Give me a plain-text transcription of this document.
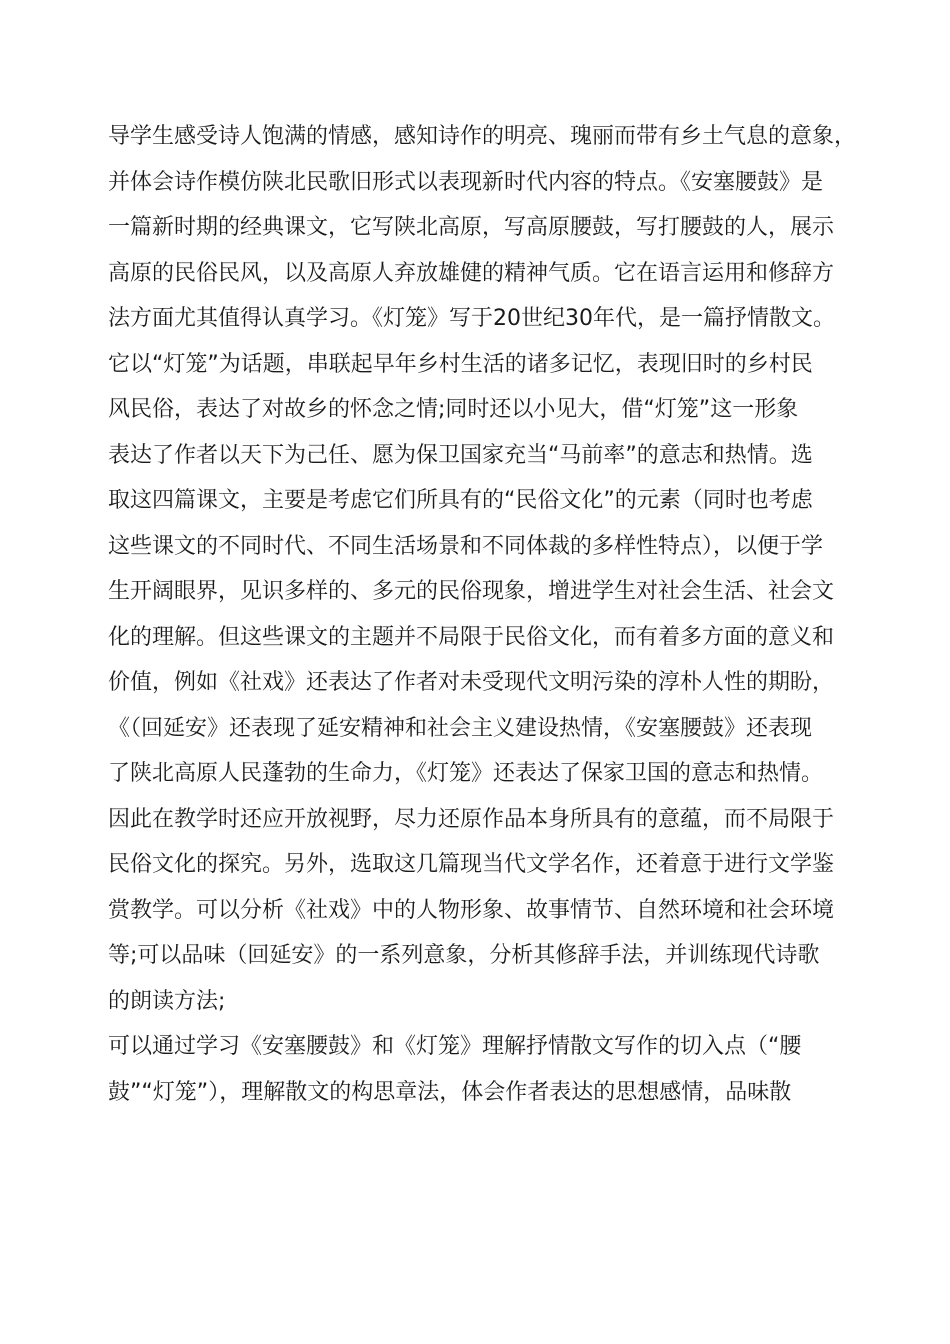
导学生感受诗人饱满的情感，感知诗作的明亮、瑰丽而带有乡土气息的意象，
并体会诗作模仿陕北民歌旧形式以表现新时代内容的特点。《安塞腰鼓》是
一篇新时期的经典课文，它写陕北高原，写高原腰鼓，写打腰鼓的人，展示
高原的民俗民风，以及高原人弃放雄健的精神气质。它在语言运用和修辞方
法方面尤其值得认真学习。《灯笼》写于20世纪30年代，是一篇抒情散文。
它以“灯笼”为话题，串联起早年乡村生活的诸多记忆，表现旧时的乡村民
风民俗，表达了对故乡的怀念之情;同时还以小见大，借“灯笼”这一形象
表达了作者以天下为己任、愿为保卫国家充当“马前率”的意志和热情。选
取这四篇课文，主要是考虑它们所具有的“民俗文化”的元素（同时也考虑
这些课文的不同时代、不同生活场景和不同体裁的多样性特点），以便于学
生开阔眼界，见识多样的、多元的民俗现象，增进学生对社会生活、社会文
化的理解。但这些课文的主题并不局限于民俗文化，而有着多方面的意义和
价值，例如《社戏》还表达了作者对未受现代文明污染的淳朴人性的期盼，
《（回延安》还表现了延安精神和社会主义建设热情，《安塞腰鼓》还表现
了陕北高原人民蓬勃的生命力，《灯笼》还表达了保家卫国的意志和热情。
因此在教学时还应开放视野，尽力还原作品本身所具有的意蕴，而不局限于
民俗文化的探究。另外，选取这几篇现当代文学名作，还着意于进行文学鉴
赏教学。可以分析《社戏》中的人物形象、故事情节、自然环境和社会环境
等;可以品味（回延安》的一系列意象，分析其修辞手法，并训练现代诗歌
的朗读方法;
可以通过学习《安塞腰鼓》和《灯笼》理解抒情散文写作的切入点（“腰
鼓”“灯笼”），理解散文的构思章法，体会作者表达的思想感情，品味散
